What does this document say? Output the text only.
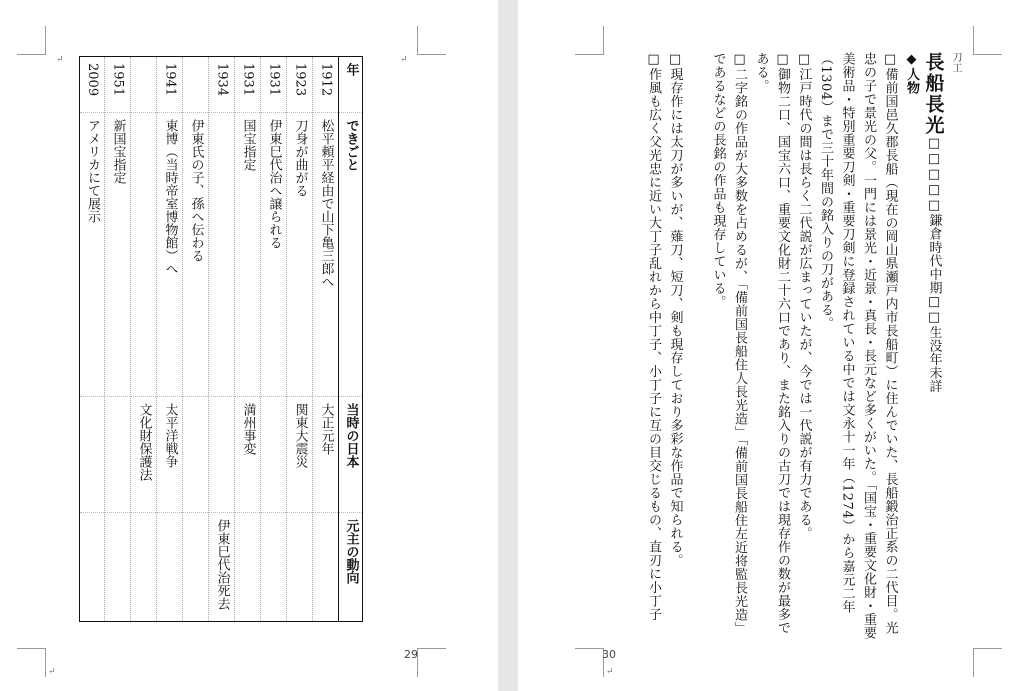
↵	↵
↵
年
できごと
当時の日本
元主の動向
1912
松平頼平経由で山下亀三郎へ
大正元年
1923
刀身が曲がる
関東大震災
1931
伊東巳代治へ譲られる
1931
国宝指定
満州事変
1934
伊東巳代治死去
伊東氏の子、孫へ伝わる
1941
東博（当時帝室博物館）へ
太平洋戦争
文化財保護法
1951
新国宝指定
2009
アメリカにて展示
29
↵

刀工

長船長光□□□□□鎌倉時代中期□□生没年未詳

◆人物

□備前国邑久郡長船（現在の岡山県瀬戸内市長船町）に住んでいた、長船鍛治正系の二代目。光忠の子で景光の父。一門には景光・近景・真長・長元など多くがいた。「国宝・重要文化財・重要美術品・特別重要刀剣・重要刀剣に登録されている中では文永十一年（1274）から嘉元二年（1304）まで三十年間の銘入りの刀がある。

□江戸時代の間は長らく二代説が広まっていたが、今では一代説が有力である。

□御物二口、国宝六口、重要文化財二十六口であり、また銘入りの古刀では現存作の数が最多である。

□二字銘の作品が大多数を占めるが、「備前国長船住人長光造」「備前国長船住左近将監長光造」であるなどの長銘の作品も現存している。

□現存作には太刀が多いが、薙刀、短刀、剣も現存しており多彩な作品で知られる。

□作風も広く父光忠に近い大丁子乱れから中丁子、小丁子に互の目交じるもの、直刃に小丁子

30
